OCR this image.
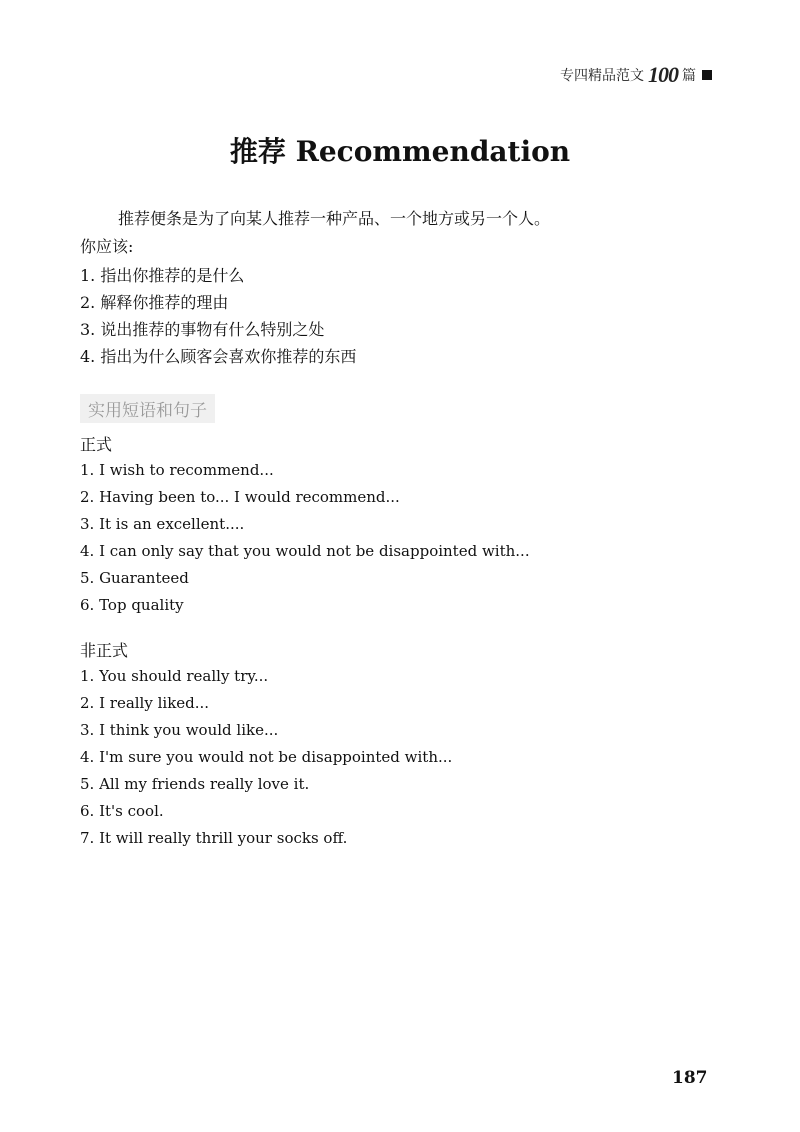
专四精品范文 100 篇
推荐 Recommendation

推荐便条是为了向某人推荐一种产品、一个地方或另一个人。

你应该:

1. 指出你推荐的是什么
2. 解释你推荐的理由
3. 说出推荐的事物有什么特别之处
4. 指出为什么顾客会喜欢你推荐的东西
实用短语和句子
正式
1. I wish to recommend...
2. Having been to... I would recommend...
3. It is an excellent....
4. I can only say that you would not be disappointed with...
5. Guaranteed
6. Top quality
非正式
1. You should really try...
2. I really liked...
3. I think you would like...
4. I'm sure you would not be disappointed with...
5. All my friends really love it.
6. It's cool.
7. It will really thrill your socks off.
187
